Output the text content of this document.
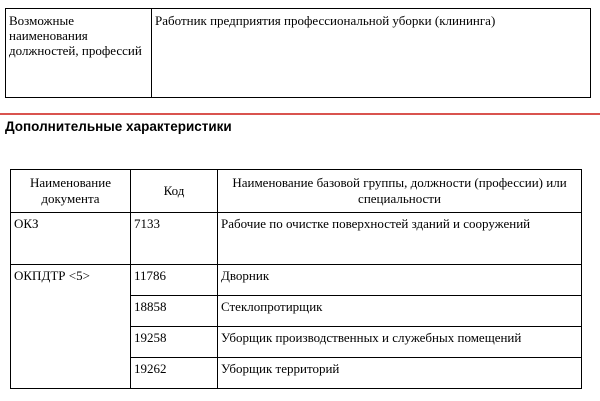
Возможные наименования должностей, профессий	Работник предприятия профессиональной уборки (клининга)
Дополнительные характеристики
Наименование документа	Код	Наименование базовой группы, должности (профессии) или специальности
ОКЗ	7133	Рабочие по очистке поверхностей зданий и сооружений
ОКПДТР <5>	11786	Дворник
	18858	Стеклопротирщик
	19258	Уборщик производственных и служебных помещений
	19262	Уборщик территорий
